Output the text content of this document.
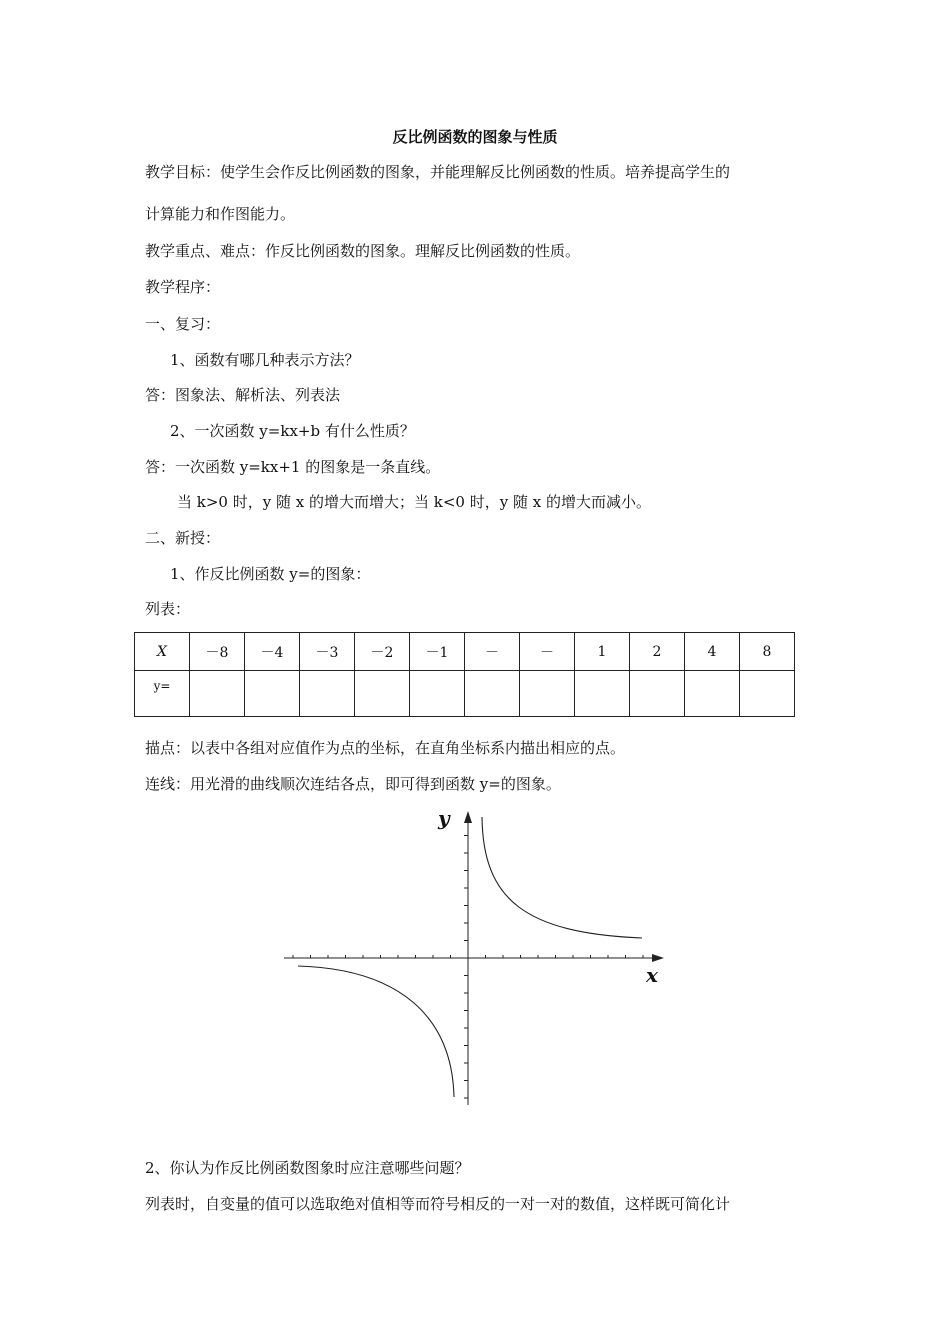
反比例函数的图象与性质
教学目标：使学生会作反比例函数的图象，并能理解反比例函数的性质。培养提高学生的
计算能力和作图能力。
教学重点、难点：作反比例函数的图象。理解反比例函数的性质。
教学程序：
一、复习：
1、函数有哪几种表示方法？
答：图象法、解析法、列表法
2、一次函数 y=kx+b 有什么性质？
答：一次函数 y=kx+1 的图象是一条直线。
当 k>0 时，y 随 x 的增大而增大；当 k<0 时，y 随 x 的增大而减小。
二、新授：
1、作反比例函数 y=的图象：
列表：
X	－8	－4	－3	－2	－1	－	－	1	2	4	8
y=											
描点：以表中各组对应值作为点的坐标，在直角坐标系内描出相应的点。
连线：用光滑的曲线顺次连结各点，即可得到函数 y=的图象。
y
x
2、你认为作反比例函数图象时应注意哪些问题？
列表时，自变量的值可以选取绝对值相等而符号相反的一对一对的数值，这样既可简化计
